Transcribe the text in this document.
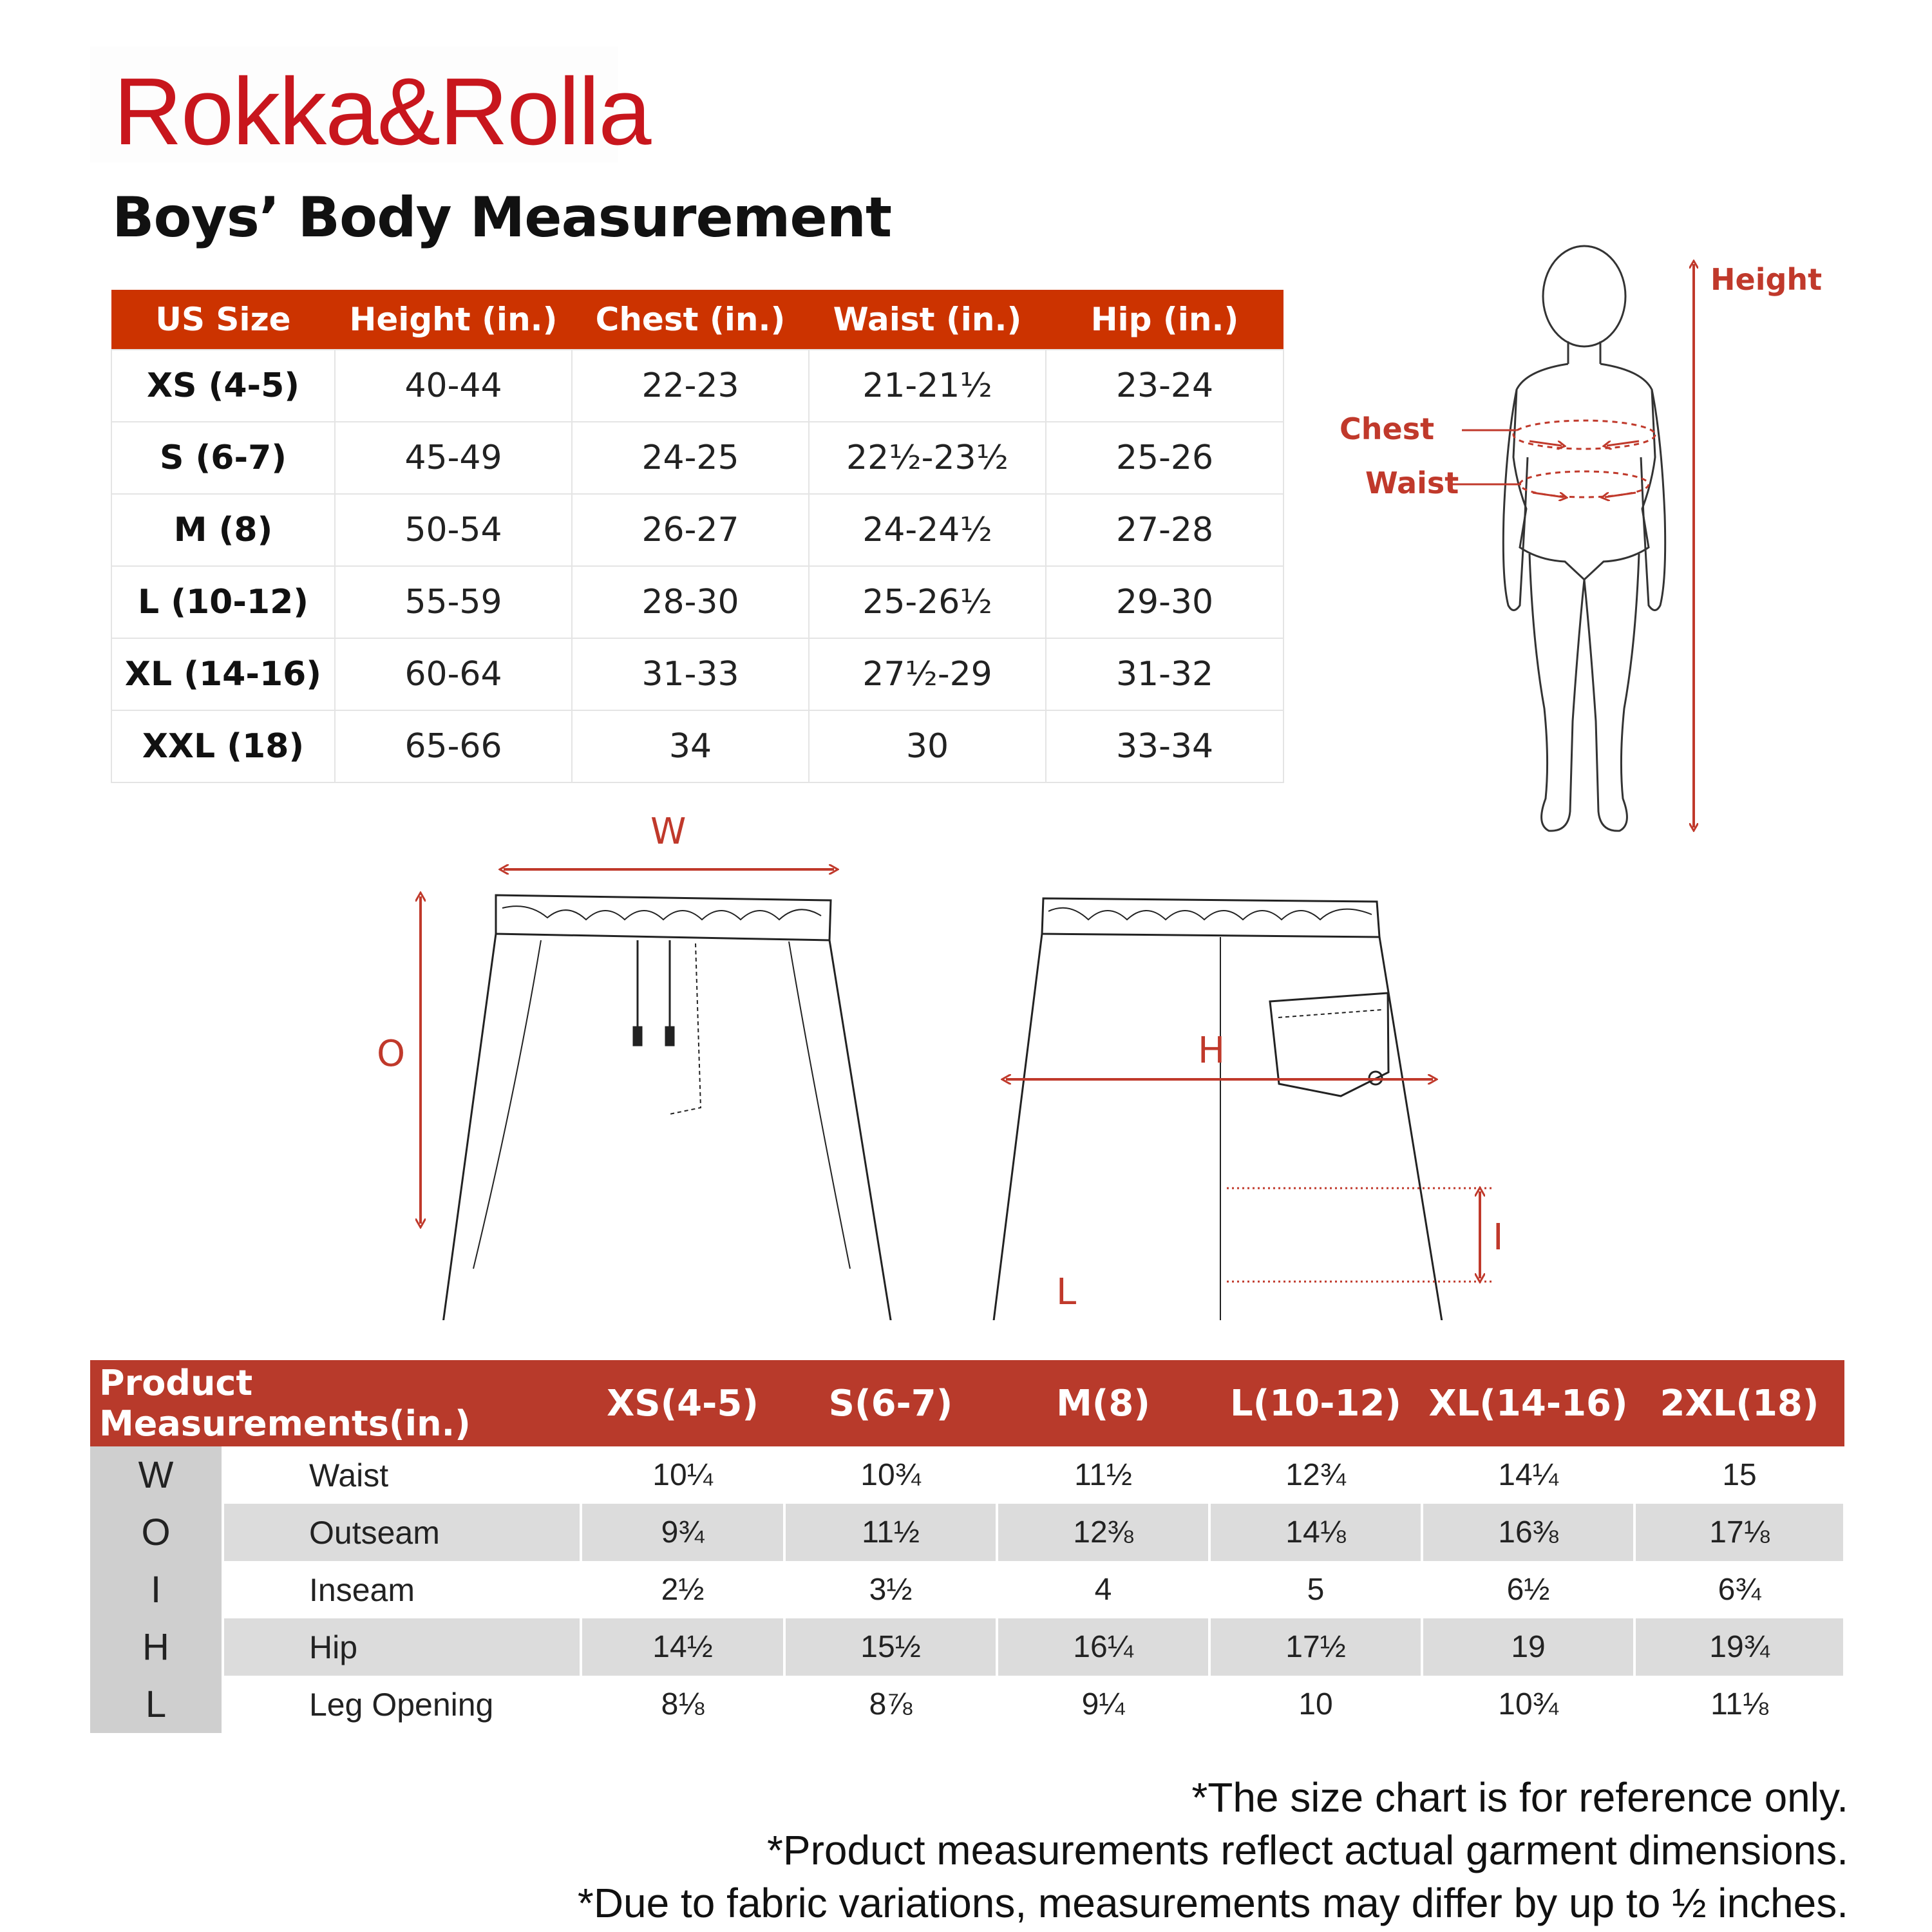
Rokka&Rolla
Boys’ Body Measurement
US Size	Height (in.)	Chest (in.)	Waist (in.)	Hip (in.)
XS (4-5)	40-44	22-23	21-21½	23-24
S (6-7)	45-49	24-25	22½-23½	25-26
M (8)	50-54	26-27	24-24½	27-28
L (10-12)	55-59	28-30	25-26½	29-30
XL (14-16)	60-64	31-33	27½-29	31-32
XXL (18)	65-66	34	30	33-34
Height
Chest
Waist
W
O	H
I
L
Product Measurements(in.)		XS(4-5)	S(6-7)	M(8)	L(10-12)	XL(14-16)	2XL(18)
W	Waist	10¼	10¾	11½	12¾	14¼	15
O	Outseam	9¾	11½	12⅜	14⅛	16⅜	17⅛
I	Inseam	2½	3½	4	5	6½	6¾
H	Hip	14½	15½	16¼	17½	19	19¾
L	Leg Opening	8⅛	8⅞	9¼	10	10¾	11⅛
*The size chart is for reference only.
*Product measurements reflect actual garment dimensions.
*Due to fabric variations, measurements may differ by up to ½ inches.
